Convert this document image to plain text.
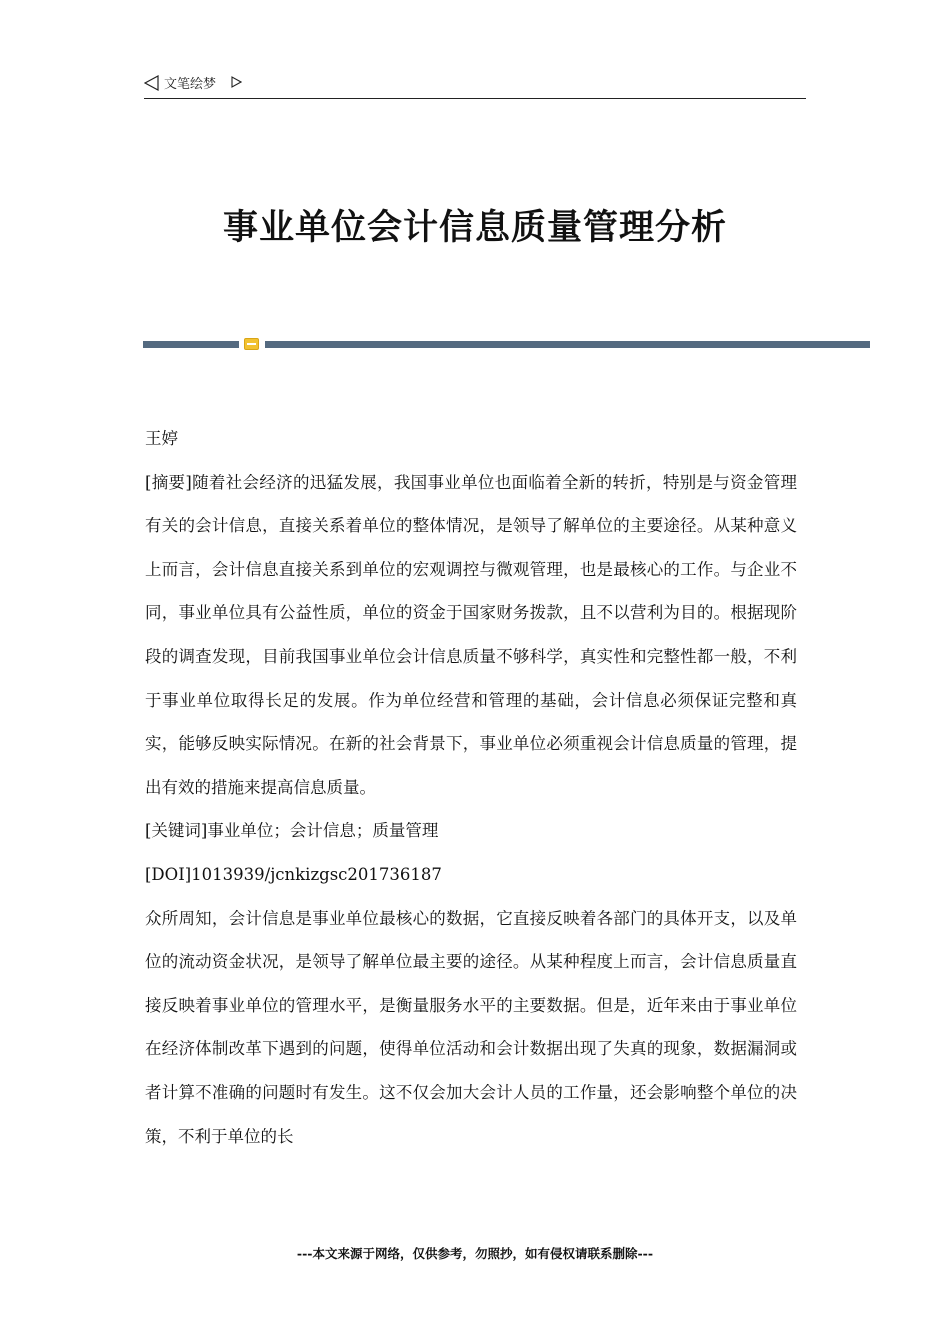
文笔绘梦
事业单位会计信息质量管理分析

王婷

[摘要]随着社会经济的迅猛发展，我国事业单位也面临着全新的转折，特别是与资金管理有关的会计信息，直接关系着单位的整体情况，是领导了解单位的主要途径。从某种意义上而言，会计信息直接关系到单位的宏观调控与微观管理，也是最核心的工作。与企业不同，事业单位具有公益性质，单位的资金于国家财务拨款，且不以营利为目的。根据现阶段的调查发现，目前我国事业单位会计信息质量不够科学，真实性和完整性都一般，不利于事业单位取得长足的发展。作为单位经营和管理的基础，会计信息必须保证完整和真实，能够反映实际情况。在新的社会背景下，事业单位必须重视会计信息质量的管理，提出有效的措施来提高信息质量。

[关键词]事业单位；会计信息；质量管理

[DOI]1013939/jcnkizgsc201736187

众所周知，会计信息是事业单位最核心的数据，它直接反映着各部门的具体开支，以及单位的流动资金状况，是领导了解单位最主要的途径。从某种程度上而言，会计信息质量直接反映着事业单位的管理水平，是衡量服务水平的主要数据。但是，近年来由于事业单位在经济体制改革下遇到的问题，使得单位活动和会计数据出现了失真的现象，数据漏洞或者计算不准确的问题时有发生。这不仅会加大会计人员的工作量，还会影响整个单位的决策，不利于单位的长

---本文来源于网络，仅供参考，勿照抄，如有侵权请联系删除---
